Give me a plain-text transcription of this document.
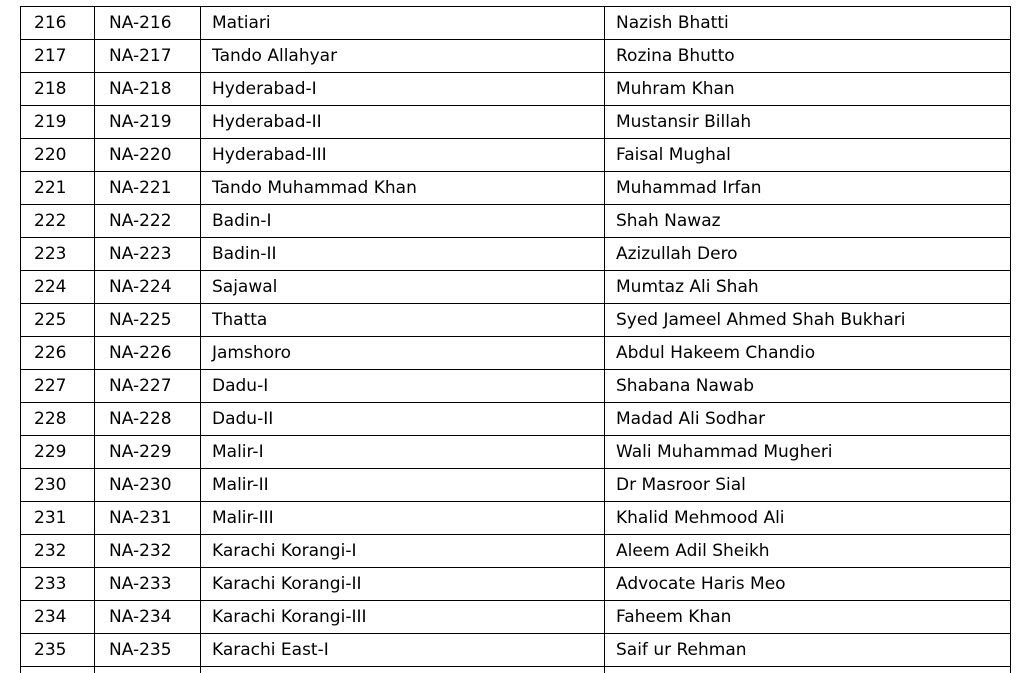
216	NA-216	Matiari	Nazish Bhatti
217	NA-217	Tando Allahyar	Rozina Bhutto
218	NA-218	Hyderabad-I	Muhram Khan
219	NA-219	Hyderabad-II	Mustansir Billah
220	NA-220	Hyderabad-III	Faisal Mughal
221	NA-221	Tando Muhammad Khan	Muhammad Irfan
222	NA-222	Badin-I	Shah Nawaz
223	NA-223	Badin-II	Azizullah Dero
224	NA-224	Sajawal	Mumtaz Ali Shah
225	NA-225	Thatta	Syed Jameel Ahmed Shah Bukhari
226	NA-226	Jamshoro	Abdul Hakeem Chandio
227	NA-227	Dadu-I	Shabana Nawab
228	NA-228	Dadu-II	Madad Ali Sodhar
229	NA-229	Malir-I	Wali Muhammad Mugheri
230	NA-230	Malir-II	Dr Masroor Sial
231	NA-231	Malir-III	Khalid Mehmood Ali
232	NA-232	Karachi Korangi-I	Aleem Adil Sheikh
233	NA-233	Karachi Korangi-II	Advocate Haris Meo
234	NA-234	Karachi Korangi-III	Faheem Khan
235	NA-235	Karachi East-I	Saif ur Rehman
